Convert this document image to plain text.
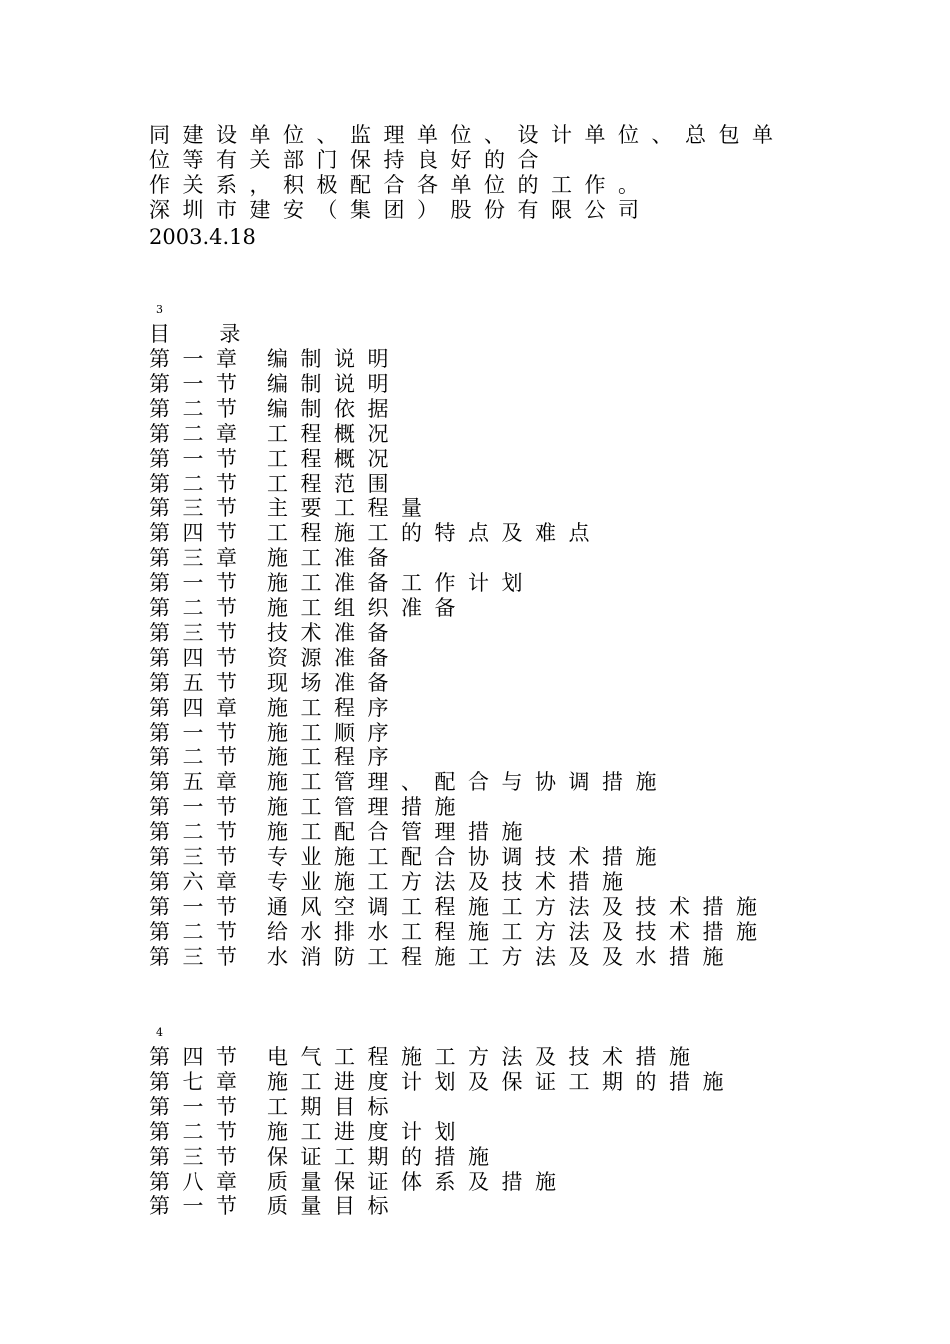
同建设单位、监理单位、设计单位、总包单
位等有关部门保持良好的合
作关系，积极配合各单位的工作。
深圳市建安（集团）股份有限公司
2003.4.18
3
目  录
第一章 编制说明
第一节 编制说明
第二节 编制依据
第二章 工程概况
第一节 工程概况
第二节 工程范围
第三节 主要工程量
第四节 工程施工的特点及难点
第三章 施工准备
第一节 施工准备工作计划
第二节 施工组织准备
第三节 技术准备
第四节 资源准备
第五节 现场准备
第四章 施工程序
第一节 施工顺序
第二节 施工程序
第五章 施工管理、配合与协调措施
第一节 施工管理措施
第二节 施工配合管理措施
第三节 专业施工配合协调技术措施
第六章 专业施工方法及技术措施
第一节 通风空调工程施工方法及技术措施
第二节 给水排水工程施工方法及技术措施
第三节 水消防工程施工方法及及水措施
4
第四节 电气工程施工方法及技术措施
第七章 施工进度计划及保证工期的措施
第一节 工期目标
第二节 施工进度计划
第三节 保证工期的措施
第八章 质量保证体系及措施
第一节 质量目标
